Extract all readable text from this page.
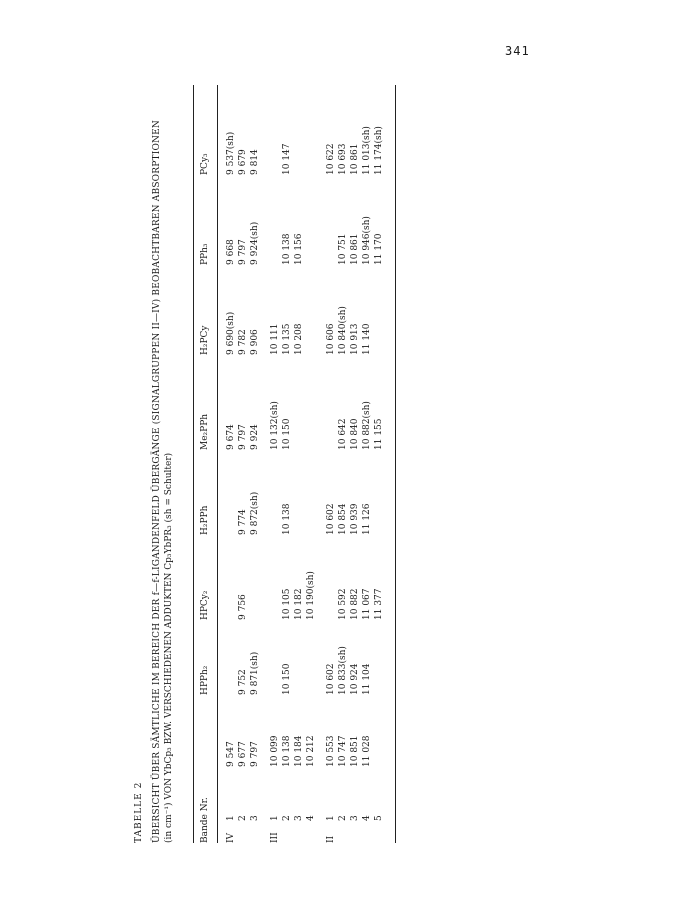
341
TABELLE 2 ÜBERSICHT ÜBER SÄMTLICHE IM BEREICH DER f—f-LIGANDENFELD ÜBERGÄNGE (SIGNALGRUPPEN II—IV) BEOBACHTBAREN ABSORPTIONEN (in cm⁻¹) VON YbCp₃ BZW. VERSCHIEDENEN ADDUKTEN Cp₃YbPR₃ (sh = Schulter)	Bande Nr.
HPPh₂
HPCy₂
H₂PPh
Me₂PPh
H₂PCy
PPh₃
PCy₃
IV1
9 547
9 674
9 690(sh)
9 668
9 537(sh)
2
9 677
9 752
9 756
9 774
9 797
9 782
9 797
9 679
3
9 797
9 871(sh)
9 872(sh)
9 924
9 906
9 924(sh)
9 814
III1
10 099
10 132(sh)
10 111
2
10 138
10 150
10 105
10 138
10 150
10 135
10 138
10 147
3
10 184
10 182
10 208
10 156
4
10 212
10 190(sh)
II1
10 553
10 602
10 602
10 606
10 622
2
10 747
10 833(sh)
10 592
10 854
10 642
10 840(sh)
10 751
10 693
3
10 851
10 924
10 882
10 939
10 840
10 913
10 861
10 861
4
11 028
11 104
11 067
11 126
10 882(sh)
11 140
10 946(sh)
11 013(sh)
5
11 377
11 155
11 170
11 174(sh)
